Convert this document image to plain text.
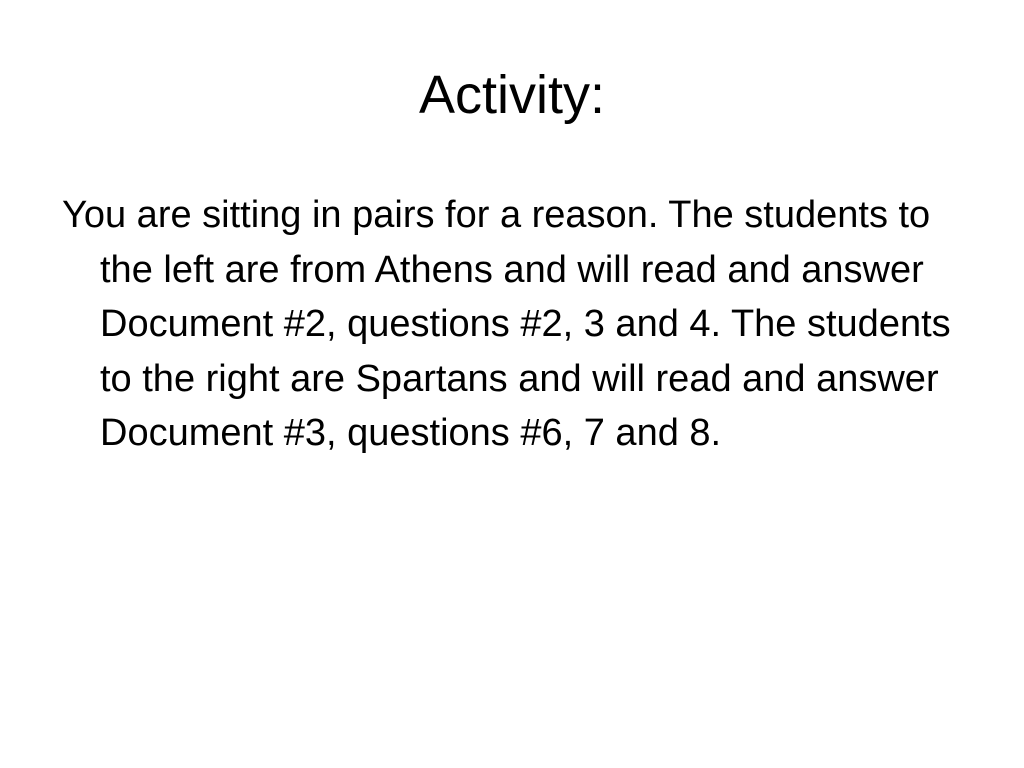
Activity:

You are sitting in pairs for a reason. The students to the left are from Athens and will read and answer Document #2, questions #2, 3 and 4. The students to the right are Spartans and will read and answer Document #3, questions #6, 7 and 8.
